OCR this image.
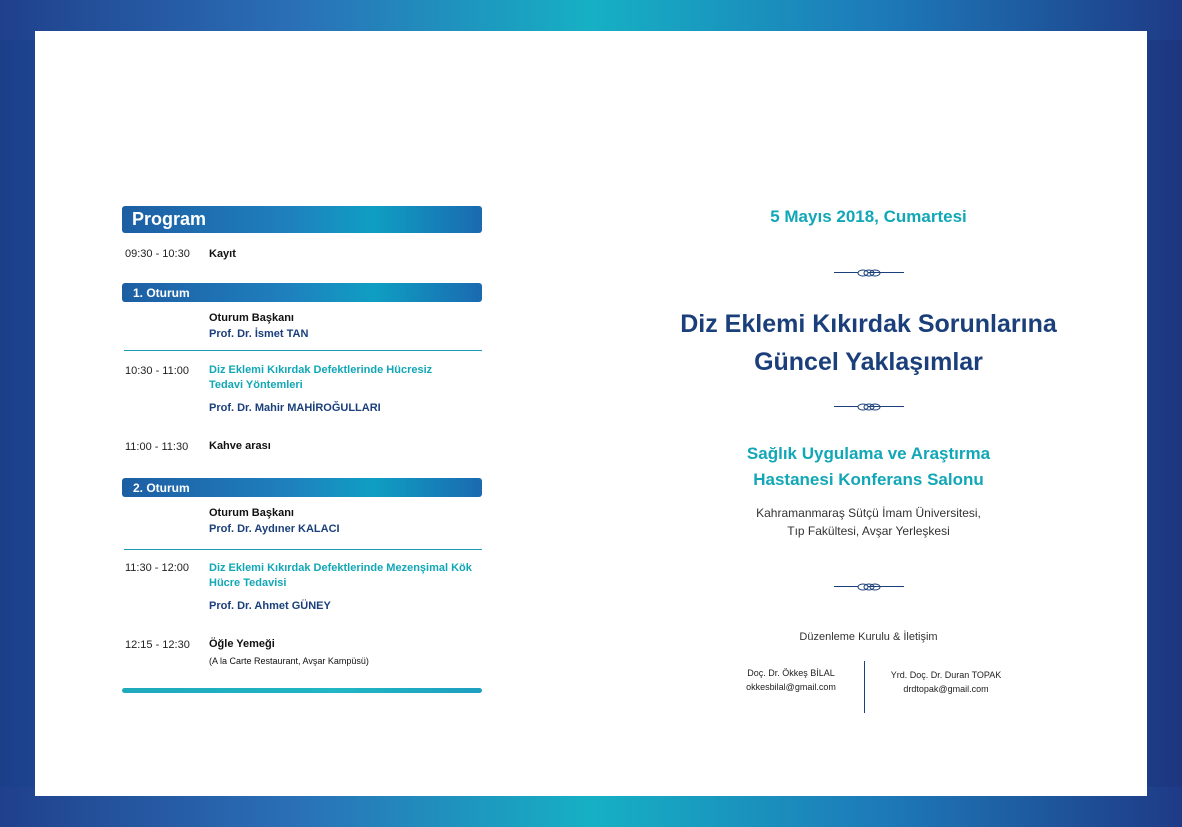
Program
09:30 - 10:30 Kayıt
1. Oturum
Oturum Başkanı
Prof. Dr. İsmet TAN
10:30 - 11:00 Diz Eklemi Kıkırdak Defektlerinde Hücresiz Tedavi Yöntemleri
Prof. Dr. Mahir MAHİROĞULLARI
11:00 - 11:30 Kahve arası
2. Oturum
Oturum Başkanı
Prof. Dr. Aydıner KALACI
11:30 - 12:00 Diz Eklemi Kıkırdak Defektlerinde Mezenşimal Kök Hücre Tedavisi
Prof. Dr. Ahmet GÜNEY
12:15 - 12:30 Öğle Yemeği
(A la Carte Restaurant, Avşar Kampüsü)
5 Mayıs 2018, Cumartesi
Diz Eklemi Kıkırdak Sorunlarına
Güncel Yaklaşımlar
Sağlık Uygulama ve Araştırma
Hastanesi Konferans Salonu
Kahramanmaraş Sütçü İmam Üniversitesi,
Tıp Fakültesi, Avşar Yerleşkesi
Düzenleme Kurulu & İletişim
Doç. Dr. Ökkeş BİLAL
okkesbilal@gmail.com
Yrd. Doç. Dr. Duran TOPAK
drdtopak@gmail.com
